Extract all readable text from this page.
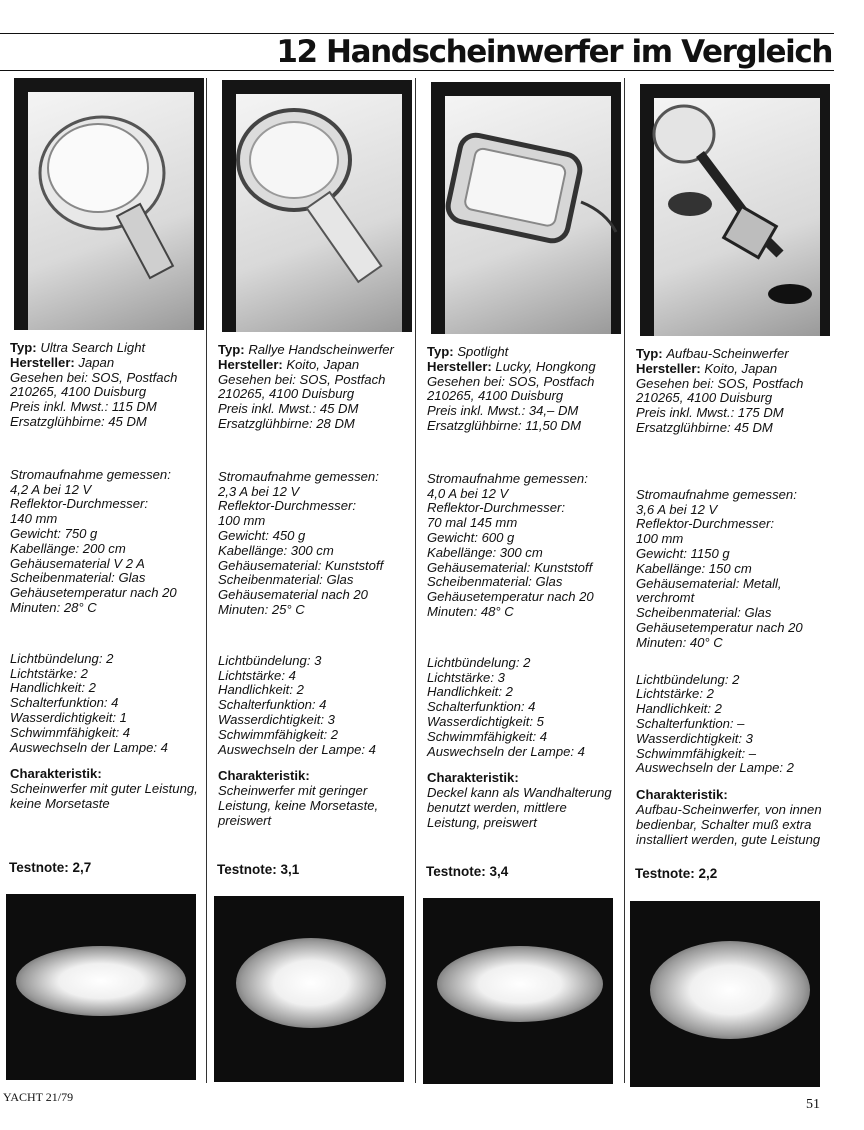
12 Handscheinwerfer im Vergleich
Typ: Ultra Search Light
Hersteller: Japan
Gesehen bei: SOS, Postfach 210265, 4100 Duisburg
Preis inkl. Mwst.: 115 DM
Ersatzglühbirne: 45 DM
Stromaufnahme gemessen:
4,2 A bei 12 V
Reflektor-Durchmesser:
140 mm
Gewicht: 750 g
Kabellänge: 200 cm
Gehäusematerial V 2 A
Scheibenmaterial: Glas
Gehäusetemperatur nach 20 Minuten: 28° C
Lichtbündelung: 2
Lichtstärke: 2
Handlichkeit: 2
Schalterfunktion: 4
Wasserdichtigkeit: 1
Schwimmfähigkeit: 4
Auswechseln der Lampe: 4
Charakteristik:
Scheinwerfer mit guter Leistung, keine Morsetaste
Testnote: 2,7
Typ: Rallye Handscheinwerfer
Hersteller: Koito, Japan
Gesehen bei: SOS, Postfach 210265, 4100 Duisburg
Preis inkl. Mwst.: 45 DM
Ersatzglühbirne: 28 DM
Stromaufnahme gemessen:
2,3 A bei 12 V
Reflektor-Durchmesser:
100 mm
Gewicht: 450 g
Kabellänge: 300 cm
Gehäusematerial: Kunststoff
Scheibenmaterial: Glas
Gehäusematerial nach 20 Minuten: 25° C
Lichtbündelung: 3
Lichtstärke: 4
Handlichkeit: 2
Schalterfunktion: 4
Wasserdichtigkeit: 3
Schwimmfähigkeit: 2
Auswechseln der Lampe: 4
Charakteristik:
Scheinwerfer mit geringer Leistung, keine Morsetaste, preiswert
Testnote: 3,1
Typ: Spotlight
Hersteller: Lucky, Hongkong
Gesehen bei: SOS, Postfach 210265, 4100 Duisburg
Preis inkl. Mwst.: 34,– DM
Ersatzglühbirne: 11,50 DM
Stromaufnahme gemessen:
4,0 A bei 12 V
Reflektor-Durchmesser:
70 mal 145 mm
Gewicht: 600 g
Kabellänge: 300 cm
Gehäusematerial: Kunststoff
Scheibenmaterial: Glas
Gehäusetemperatur nach 20 Minuten: 48° C
Lichtbündelung: 2
Lichtstärke: 3
Handlichkeit: 2
Schalterfunktion: 4
Wasserdichtigkeit: 5
Schwimmfähigkeit: 4
Auswechseln der Lampe: 4
Charakteristik:
Deckel kann als Wandhalterung benutzt werden, mittlere Leistung, preiswert
Testnote: 3,4
Typ: Aufbau-Scheinwerfer
Hersteller: Koito, Japan
Gesehen bei: SOS, Postfach 210265, 4100 Duisburg
Preis inkl. Mwst.: 175 DM
Ersatzglühbirne: 45 DM
Stromaufnahme gemessen:
3,6 A bei 12 V
Reflektor-Durchmesser:
100 mm
Gewicht: 1150 g
Kabellänge: 150 cm
Gehäusematerial: Metall, verchromt
Scheibenmaterial: Glas
Gehäusetemperatur nach 20 Minuten: 40° C
Lichtbündelung: 2
Lichtstärke: 2
Handlichkeit: 2
Schalterfunktion: –
Wasserdichtigkeit: 3
Schwimmfähigkeit: –
Auswechseln der Lampe: 2
Charakteristik:
Aufbau-Scheinwerfer, von innen bedienbar, Schalter muß extra installiert werden, gute Leistung
Testnote: 2,2
YACHT 21/79	51
